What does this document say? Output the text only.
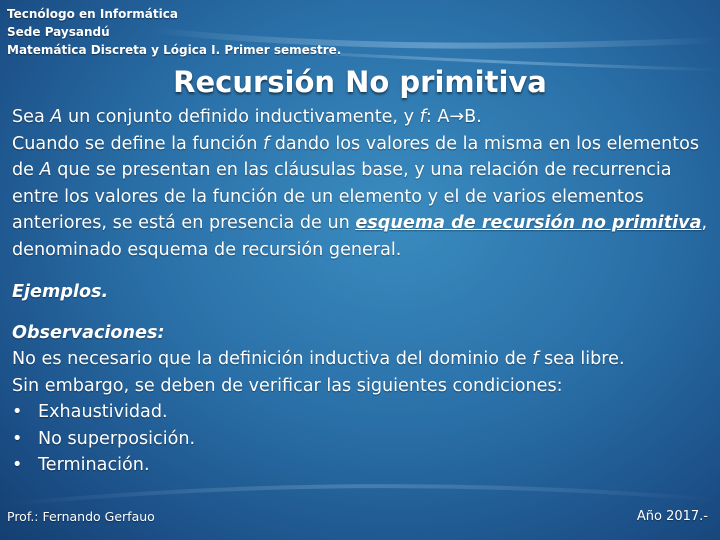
Tecnólogo en Informática
Sede Paysandú
Matemática Discreta y Lógica I. Primer semestre.
Recursión No primitiva

Sea A un conjunto definido inductivamente, y f: A→B.

Cuando se define la función f dando los valores de la misma en los elementos de A que se presentan en las cláusulas base, y una relación de recurrencia entre los valores de la función de un elemento y el de varios elementos anteriores, se está en presencia de un esquema de recursión no primitiva, denominado esquema de recursión general.

Ejemplos.

Observaciones:

No es necesario que la definición inductiva del dominio de f sea libre.

Sin embargo, se deben de verificar las siguientes condiciones:

• Exhaustividad.
• No superposición.
• Terminación.
Prof.: Fernando Gerfauo	Año 2017.-
